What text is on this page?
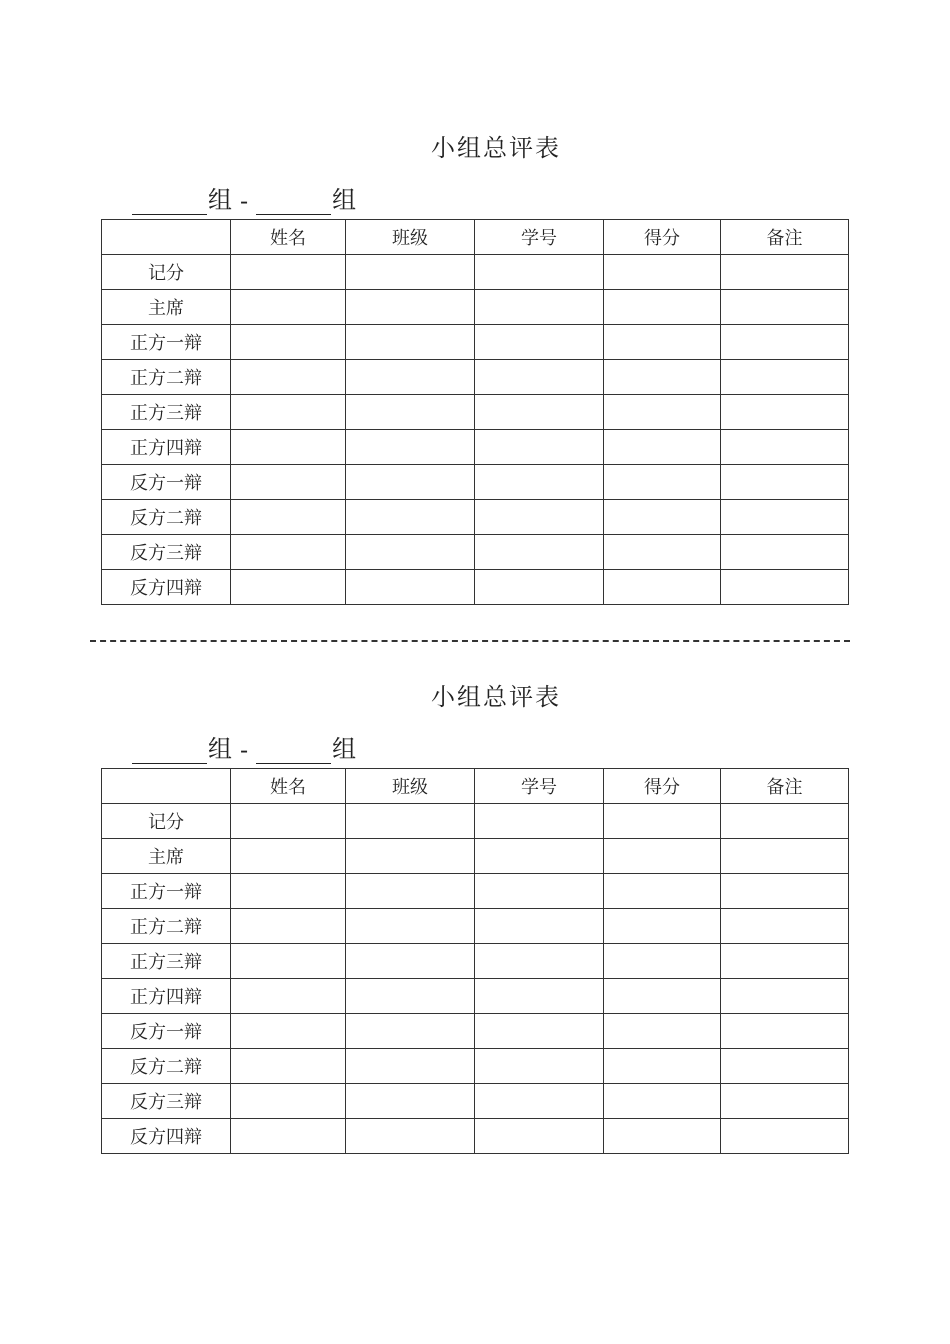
小组总评表
组 -	组
	姓名	班级	学号	得分	备注
记分					
主席					
正方一辩					
正方二辩					
正方三辩					
正方四辩					
反方一辩					
反方二辩					
反方三辩					
反方四辩					
小组总评表
组 -	组
	姓名	班级	学号	得分	备注
记分					
主席					
正方一辩					
正方二辩					
正方三辩					
正方四辩					
反方一辩					
反方二辩					
反方三辩					
反方四辩					
